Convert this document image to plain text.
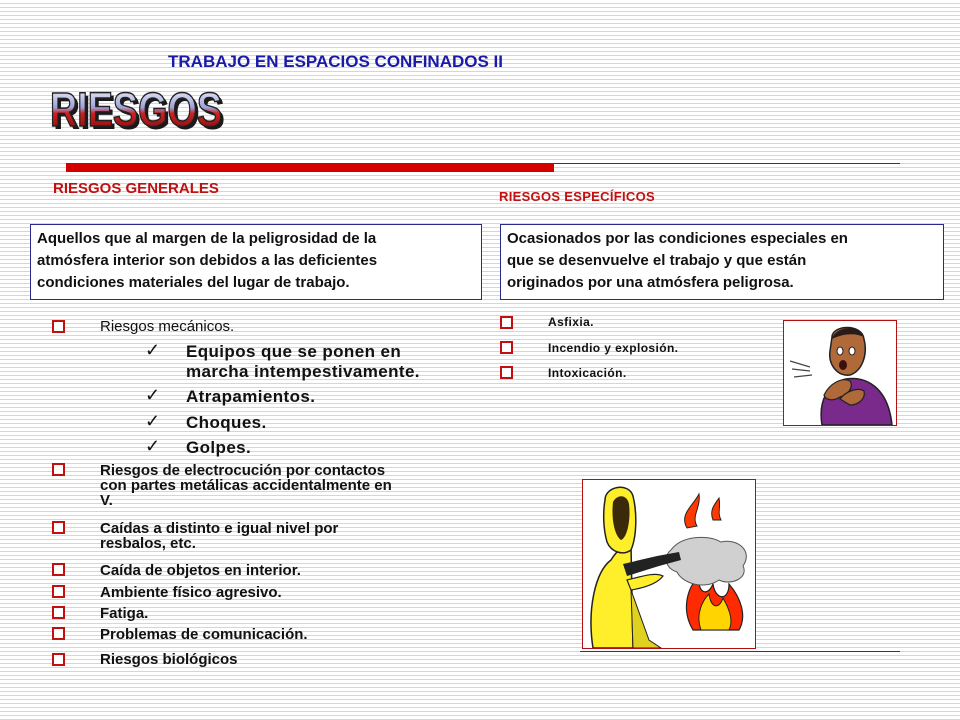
TRABAJO EN ESPACIOS CONFINADOS II
RIESGOS
RIESGOS
RIESGOS GENERALES	RIESGOS ESPECÍFICOS
Aquellos que al margen de la peligrosidad de la
atmósfera interior son debidos a las deficientes
condiciones materiales del lugar de trabajo.
Ocasionados por las condiciones especiales en
que se desenvuelve el trabajo y que están
originados por una atmósfera peligrosa.
Riesgos mecánicos.
✓ Equipos que se ponen en
marcha intempestivamente.
✓ Atrapamientos.
✓ Choques.
✓ Golpes.
Riesgos de electrocución por contactos
con partes metálicas accidentalmente en
V.
Caídas a distinto e igual nivel por
resbalos, etc.
Caída de objetos en interior.
Ambiente físico agresivo.
Fatiga.
Problemas de comunicación.
Riesgos biológicos
Asfixia.
Incendio y explosión.
Intoxicación.
